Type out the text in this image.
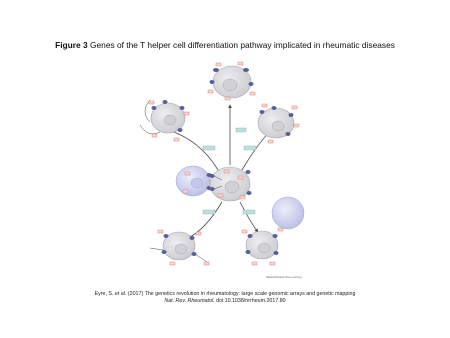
Figure 3 Genes of the T helper cell differentiation pathway implicated in rheumatic diseases
Nature Reviews Rheumatology
Eyre, S. et al. (2017) The genetics revolution in rheumatology: large scale genomic arrays and genetic mapping
Nat. Rev. Rheumatol. doi:10.1038/nrrheum.2017.80
